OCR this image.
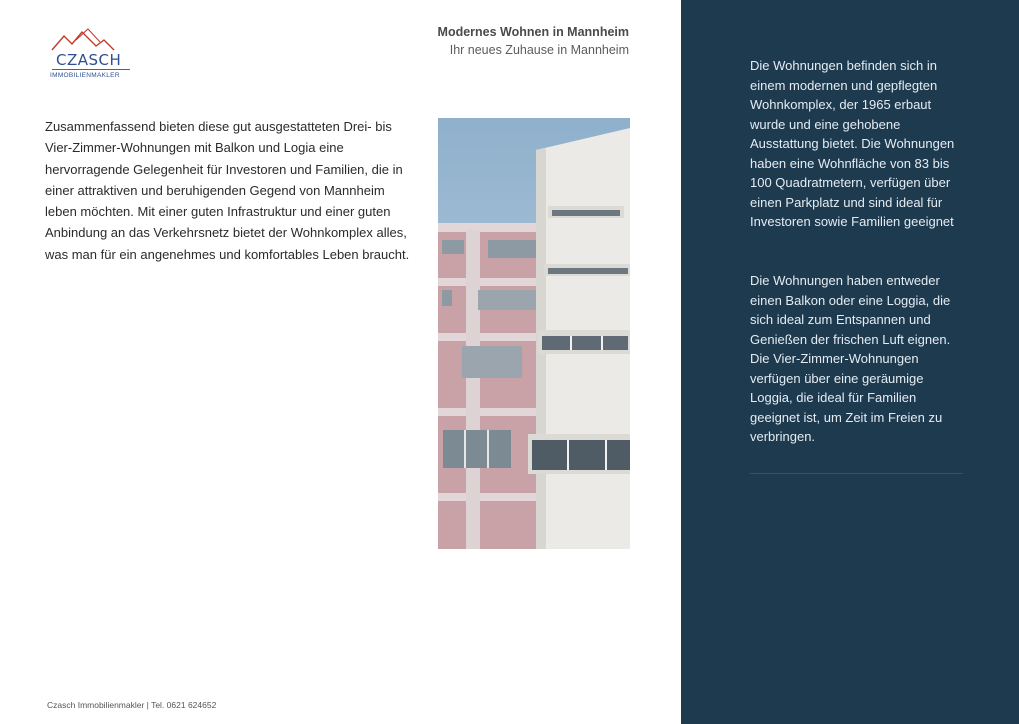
CZASCH
IMMOBILIENMAKLER
Modernes Wohnen in Mannheim
Ihr neues Zuhause in Mannheim

Zusammenfassend bieten diese gut ausgestatteten Drei- bis Vier-Zimmer-Wohnungen mit Balkon und Logia eine hervorragende Gelegenheit für Investoren und Familien, die in einer attraktiven und beruhigenden Gegend von Mannheim leben möchten. Mit einer guten Infrastruktur und einer guten Anbindung an das Verkehrsnetz bietet der Wohnkomplex alles, was man für ein angenehmes und komfortables Leben braucht.

Czasch Immobilienmakler | Tel. 0621 624652

Die Wohnungen befinden sich in einem modernen und gepflegten Wohnkomplex, der 1965 erbaut wurde und eine gehobene Ausstattung bietet. Die Wohnungen haben eine Wohnfläche von 83 bis 100 Quadratmetern, verfügen über einen Parkplatz und sind ideal für Investoren sowie Familien geeignet

Die Wohnungen haben entweder einen Balkon oder eine Loggia, die sich ideal zum Entspannen und Genießen der frischen Luft eignen. Die Vier-Zimmer-Wohnungen verfügen über eine geräumige Loggia, die ideal für Familien geeignet ist, um Zeit im Freien zu verbringen.
